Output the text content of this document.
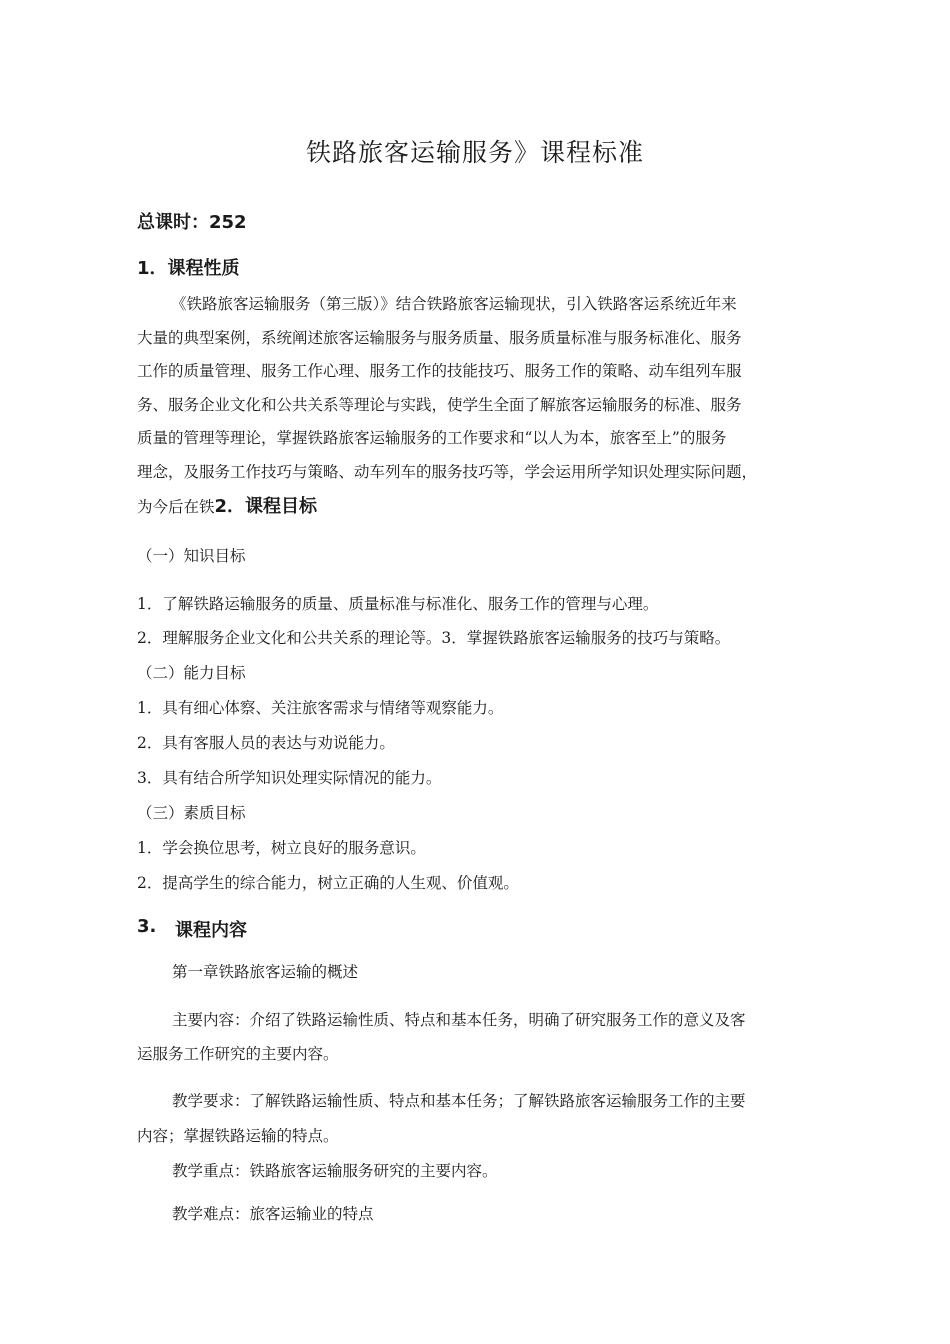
铁路旅客运输服务》课程标准
总课时：252
1．课程性质
《铁路旅客运输服务（第三版）》结合铁路旅客运输现状，引入铁路客运系统近年来
大量的典型案例，系统阐述旅客运输服务与服务质量、服务质量标准与服务标准化、服务
工作的质量管理、服务工作心理、服务工作的技能技巧、服务工作的策略、动车组列车服
务、服务企业文化和公共关系等理论与实践，使学生全面了解旅客运输服务的标准、服务
质量的管理等理论，掌握铁路旅客运输服务的工作要求和“以人为本，旅客至上”的服务
理念，及服务工作技巧与策略、动车列车的服务技巧等，学会运用所学知识处理实际问题，
为今后在铁2．课程目标
（一）知识目标
1．了解铁路运输服务的质量、质量标准与标准化、服务工作的管理与心理。
2．理解服务企业文化和公共关系的理论等。3．掌握铁路旅客运输服务的技巧与策略。
（二）能力目标
1．具有细心体察、关注旅客需求与情绪等观察能力。
2．具有客服人员的表达与劝说能力。
3．具有结合所学知识处理实际情况的能力。
（三）素质目标
1．学会换位思考，树立良好的服务意识。
2．提高学生的综合能力，树立正确的人生观、价值观。
3. 课程内容
第一章铁路旅客运输的概述
主要内容：介绍了铁路运输性质、特点和基本任务，明确了研究服务工作的意义及客
运服务工作研究的主要内容。
教学要求：了解铁路运输性质、特点和基本任务；了解铁路旅客运输服务工作的主要
内容；掌握铁路运输的特点。
教学重点：铁路旅客运输服务研究的主要内容。
教学难点：旅客运输业的特点
